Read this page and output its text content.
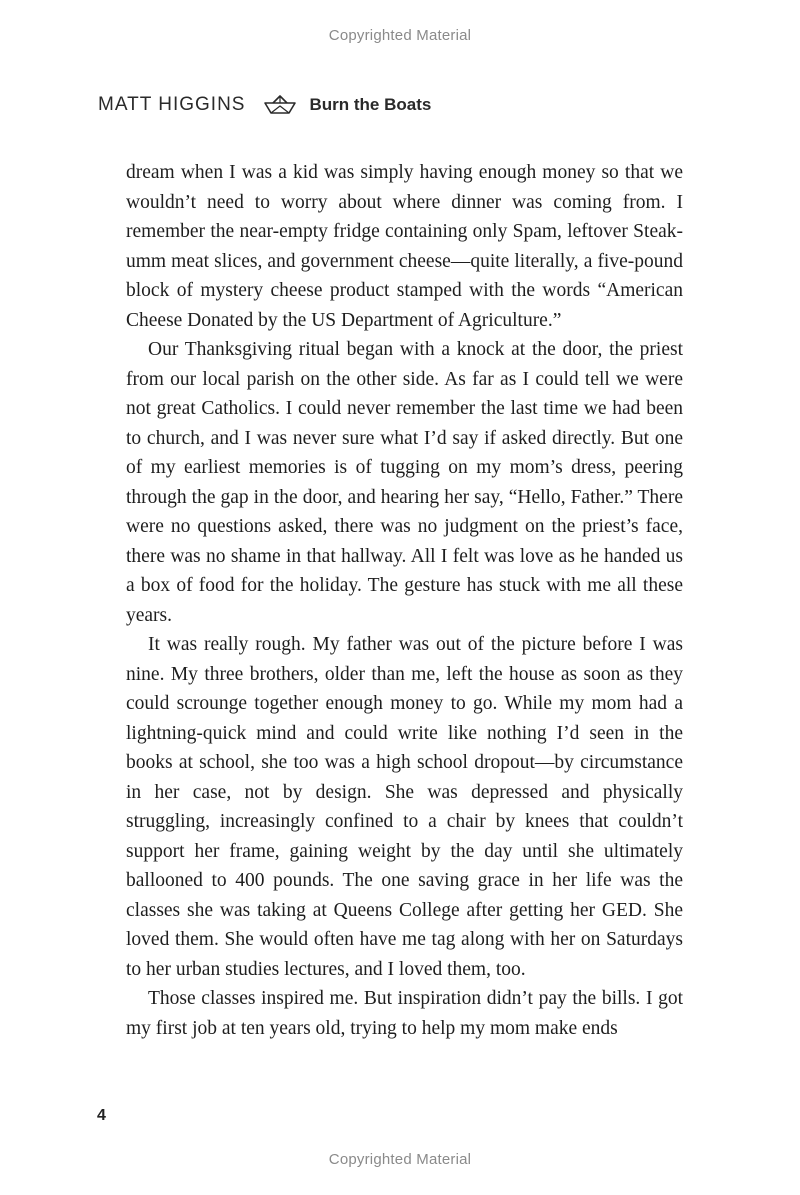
Copyrighted Material
MATT HIGGINS	Burn the Boats

dream when I was a kid was simply having enough money so that we wouldn’t need to worry about where dinner was coming from. I remember the near-empty fridge containing only Spam, leftover Steak-umm meat slices, and government cheese—quite literally, a five-pound block of mystery cheese product stamped with the words “American Cheese Donated by the US Department of Agriculture.”

Our Thanksgiving ritual began with a knock at the door, the priest from our local parish on the other side. As far as I could tell we were not great Catholics. I could never remember the last time we had been to church, and I was never sure what I’d say if asked directly. But one of my earliest memories is of tugging on my mom’s dress, peering through the gap in the door, and hearing her say, “Hello, Father.” There were no questions asked, there was no judgment on the priest’s face, there was no shame in that hallway. All I felt was love as he handed us a box of food for the holiday. The gesture has stuck with me all these years.

It was really rough. My father was out of the picture before I was nine. My three brothers, older than me, left the house as soon as they could scrounge together enough money to go. While my mom had a lightning-quick mind and could write like nothing I’d seen in the books at school, she too was a high school dropout—by circumstance in her case, not by design. She was depressed and physically struggling, increasingly confined to a chair by knees that couldn’t support her frame, gaining weight by the day until she ultimately ballooned to 400 pounds. The one saving grace in her life was the classes she was taking at Queens College after getting her GED. She loved them. She would often have me tag along with her on Saturdays to her urban studies lectures, and I loved them, too.

Those classes inspired me. But inspiration didn’t pay the bills. I got my first job at ten years old, trying to help my mom make ends

4
Copyrighted Material
